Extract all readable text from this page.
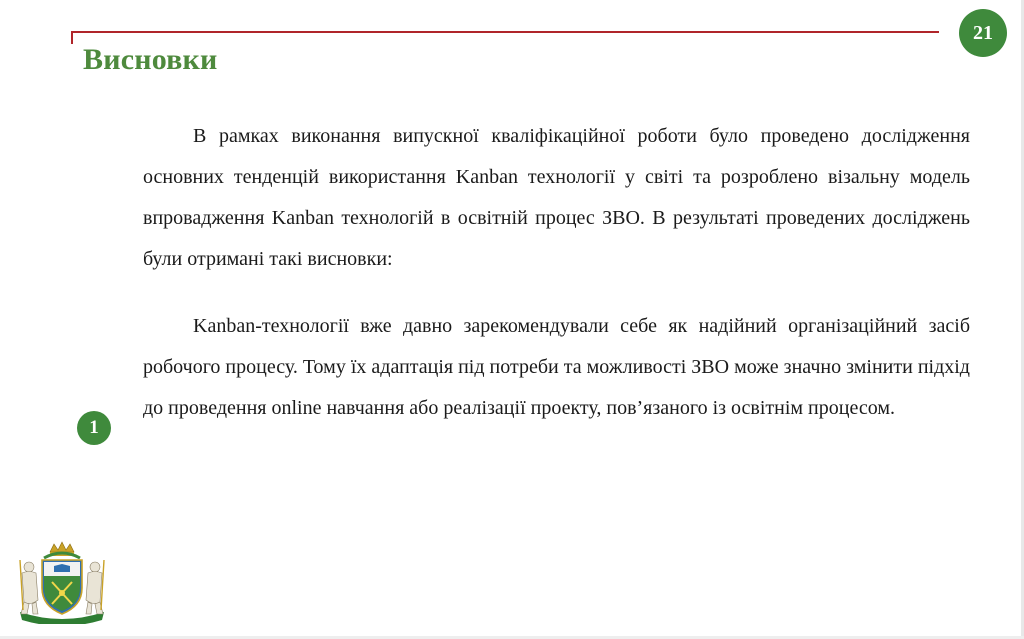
21
Висновки

В рамках виконання випускної кваліфікаційної роботи було проведено дослідження основних тенденцій використання Kanban технології у світі та розроблено візальну модель впровадження Kanban технологій в освітній процес ЗВО. В результаті проведених досліджень були отримані такі висновки:

Kanban-технології вже давно зарекомендували себе як надійний організаційний засіб робочого процесу. Тому їх адаптація під потреби та можливості ЗВО може значно змінити підхід до проведення online навчання або реалізації проекту, пов’язаного із освітнім процесом.

1
